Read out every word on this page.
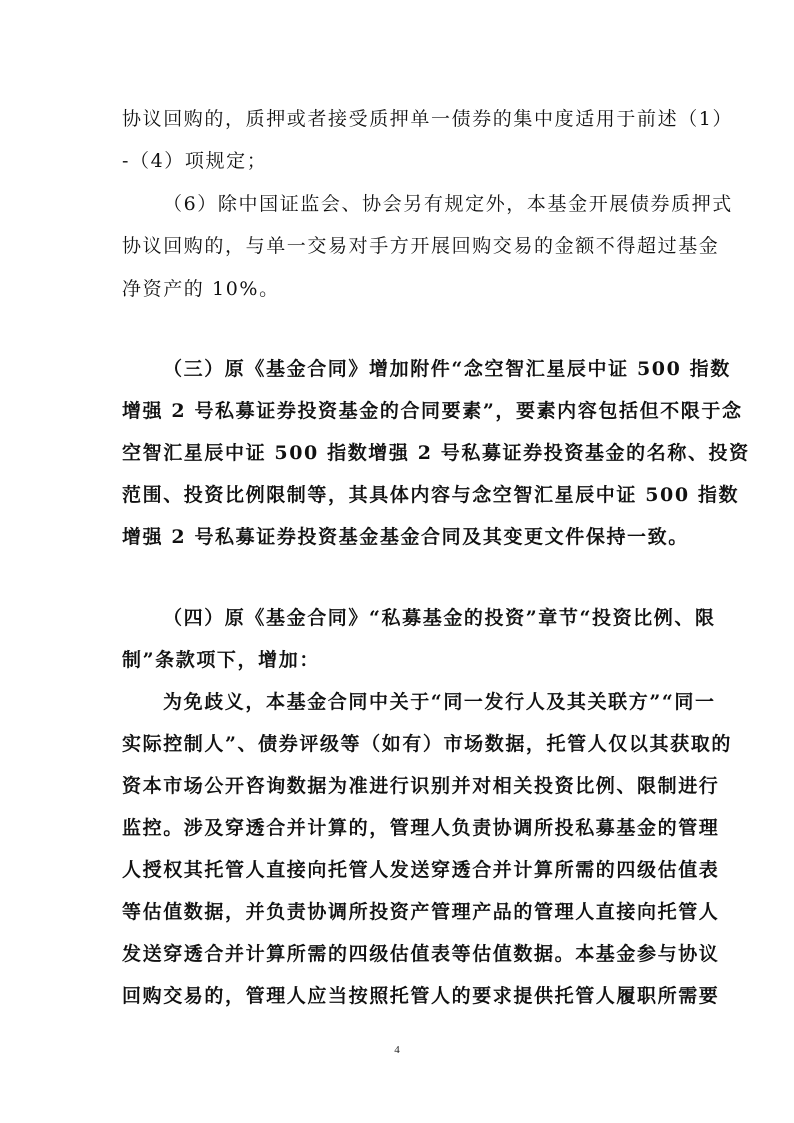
协议回购的，质押或者接受质押单一债券的集中度适用于前述（1）
-（4）项规定；
（6）除中国证监会、协会另有规定外，本基金开展债券质押式
协议回购的，与单一交易对手方开展回购交易的金额不得超过基金
净资产的 10%。
（三）原《基金合同》增加附件“念空智汇星辰中证 500 指数
增强 2 号私募证券投资基金的合同要素”，要素内容包括但不限于念
空智汇星辰中证 500 指数增强 2 号私募证券投资基金的名称、投资
范围、投资比例限制等，其具体内容与念空智汇星辰中证 500 指数
增强 2 号私募证券投资基金基金合同及其变更文件保持一致。
（四）原《基金合同》“私募基金的投资”章节“投资比例、限
制”条款项下，增加：
为免歧义，本基金合同中关于“同一发行人及其关联方”“同一
实际控制人”、债券评级等（如有）市场数据，托管人仅以其获取的
资本市场公开咨询数据为准进行识别并对相关投资比例、限制进行
监控。涉及穿透合并计算的，管理人负责协调所投私募基金的管理
人授权其托管人直接向托管人发送穿透合并计算所需的四级估值表
等估值数据，并负责协调所投资产管理产品的管理人直接向托管人
发送穿透合并计算所需的四级估值表等估值数据。本基金参与协议
回购交易的，管理人应当按照托管人的要求提供托管人履职所需要
4
